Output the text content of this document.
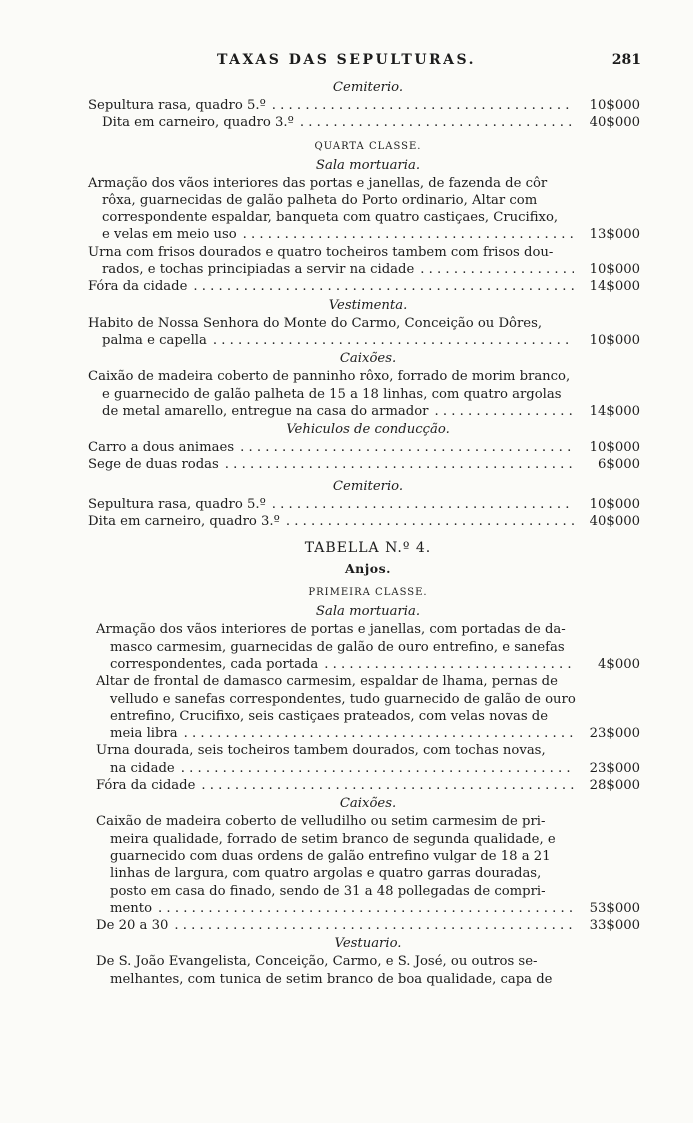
TAXAS DAS SEPULTURAS.	281
Cemiterio.
Sepultura rasa, quadro 5.º . . .	10$000
Dita em carneiro, quadro 3.º . . .	40$000
QUARTA CLASSE.
Sala mortuaria.
Armação dos vãos interiores das portas e janellas, de fazenda de côr
rôxa, guarnecidas de galão palheta do Porto ordinario, Altar com
correspondente espaldar, banqueta com quatro castiçaes, Crucifixo,
e velas em meio uso . . .	13$000
Urna com frisos dourados e quatro tocheiros tambem com frisos dou-
rados, e tochas principiadas a servir na cidade . . .	10$000
Fóra da cidade . . .	14$000
Vestimenta.
Habito de Nossa Senhora do Monte do Carmo, Conceição ou Dôres,
palma e capella . . .	10$000
Caixões.
Caixão de madeira coberto de panninho rôxo, forrado de morim branco,
e guarnecido de galão palheta de 15 a 18 linhas, com quatro argolas
de metal amarello, entregue na casa do armador . . .	14$000
Vehiculos de conducção.
Carro a dous animaes . . .	10$000
Sege de duas rodas . . .	6$000
Cemiterio.
Sepultura rasa, quadro 5.º . . .	10$000
Dita em carneiro, quadro 3.º . . .	40$000
TABELLA N.º 4.
Anjos.
PRIMEIRA CLASSE.
Sala mortuaria.
Armação dos vãos interiores de portas e janellas, com portadas de da-
masco carmesim, guarnecidas de galão de ouro entrefino, e sanefas
correspondentes, cada portada . . .	4$000
Altar de frontal de damasco carmesim, espaldar de lhama, pernas de
velludo e sanefas correspondentes, tudo guarnecido de galão de ouro
entrefino, Crucifixo, seis castiçaes prateados, com velas novas de
meia libra . . .	23$000
Urna dourada, seis tocheiros tambem dourados, com tochas novas,
na cidade . . .	23$000
Fóra da cidade . . .	28$000
Caixões.
Caixão de madeira coberto de velludilho ou setim carmesim de pri-
meira qualidade, forrado de setim branco de segunda qualidade, e
guarnecido com duas ordens de galão entrefino vulgar de 18 a 21
linhas de largura, com quatro argolas e quatro garras douradas,
posto em casa do finado, sendo de 31 a 48 pollegadas de compri-
mento . . .	53$000
De 20 a 30 . . .	33$000
Vestuario.
De S. João Evangelista, Conceição, Carmo, e S. José, ou outros se-
melhantes, com tunica de setim branco de boa qualidade, capa de
